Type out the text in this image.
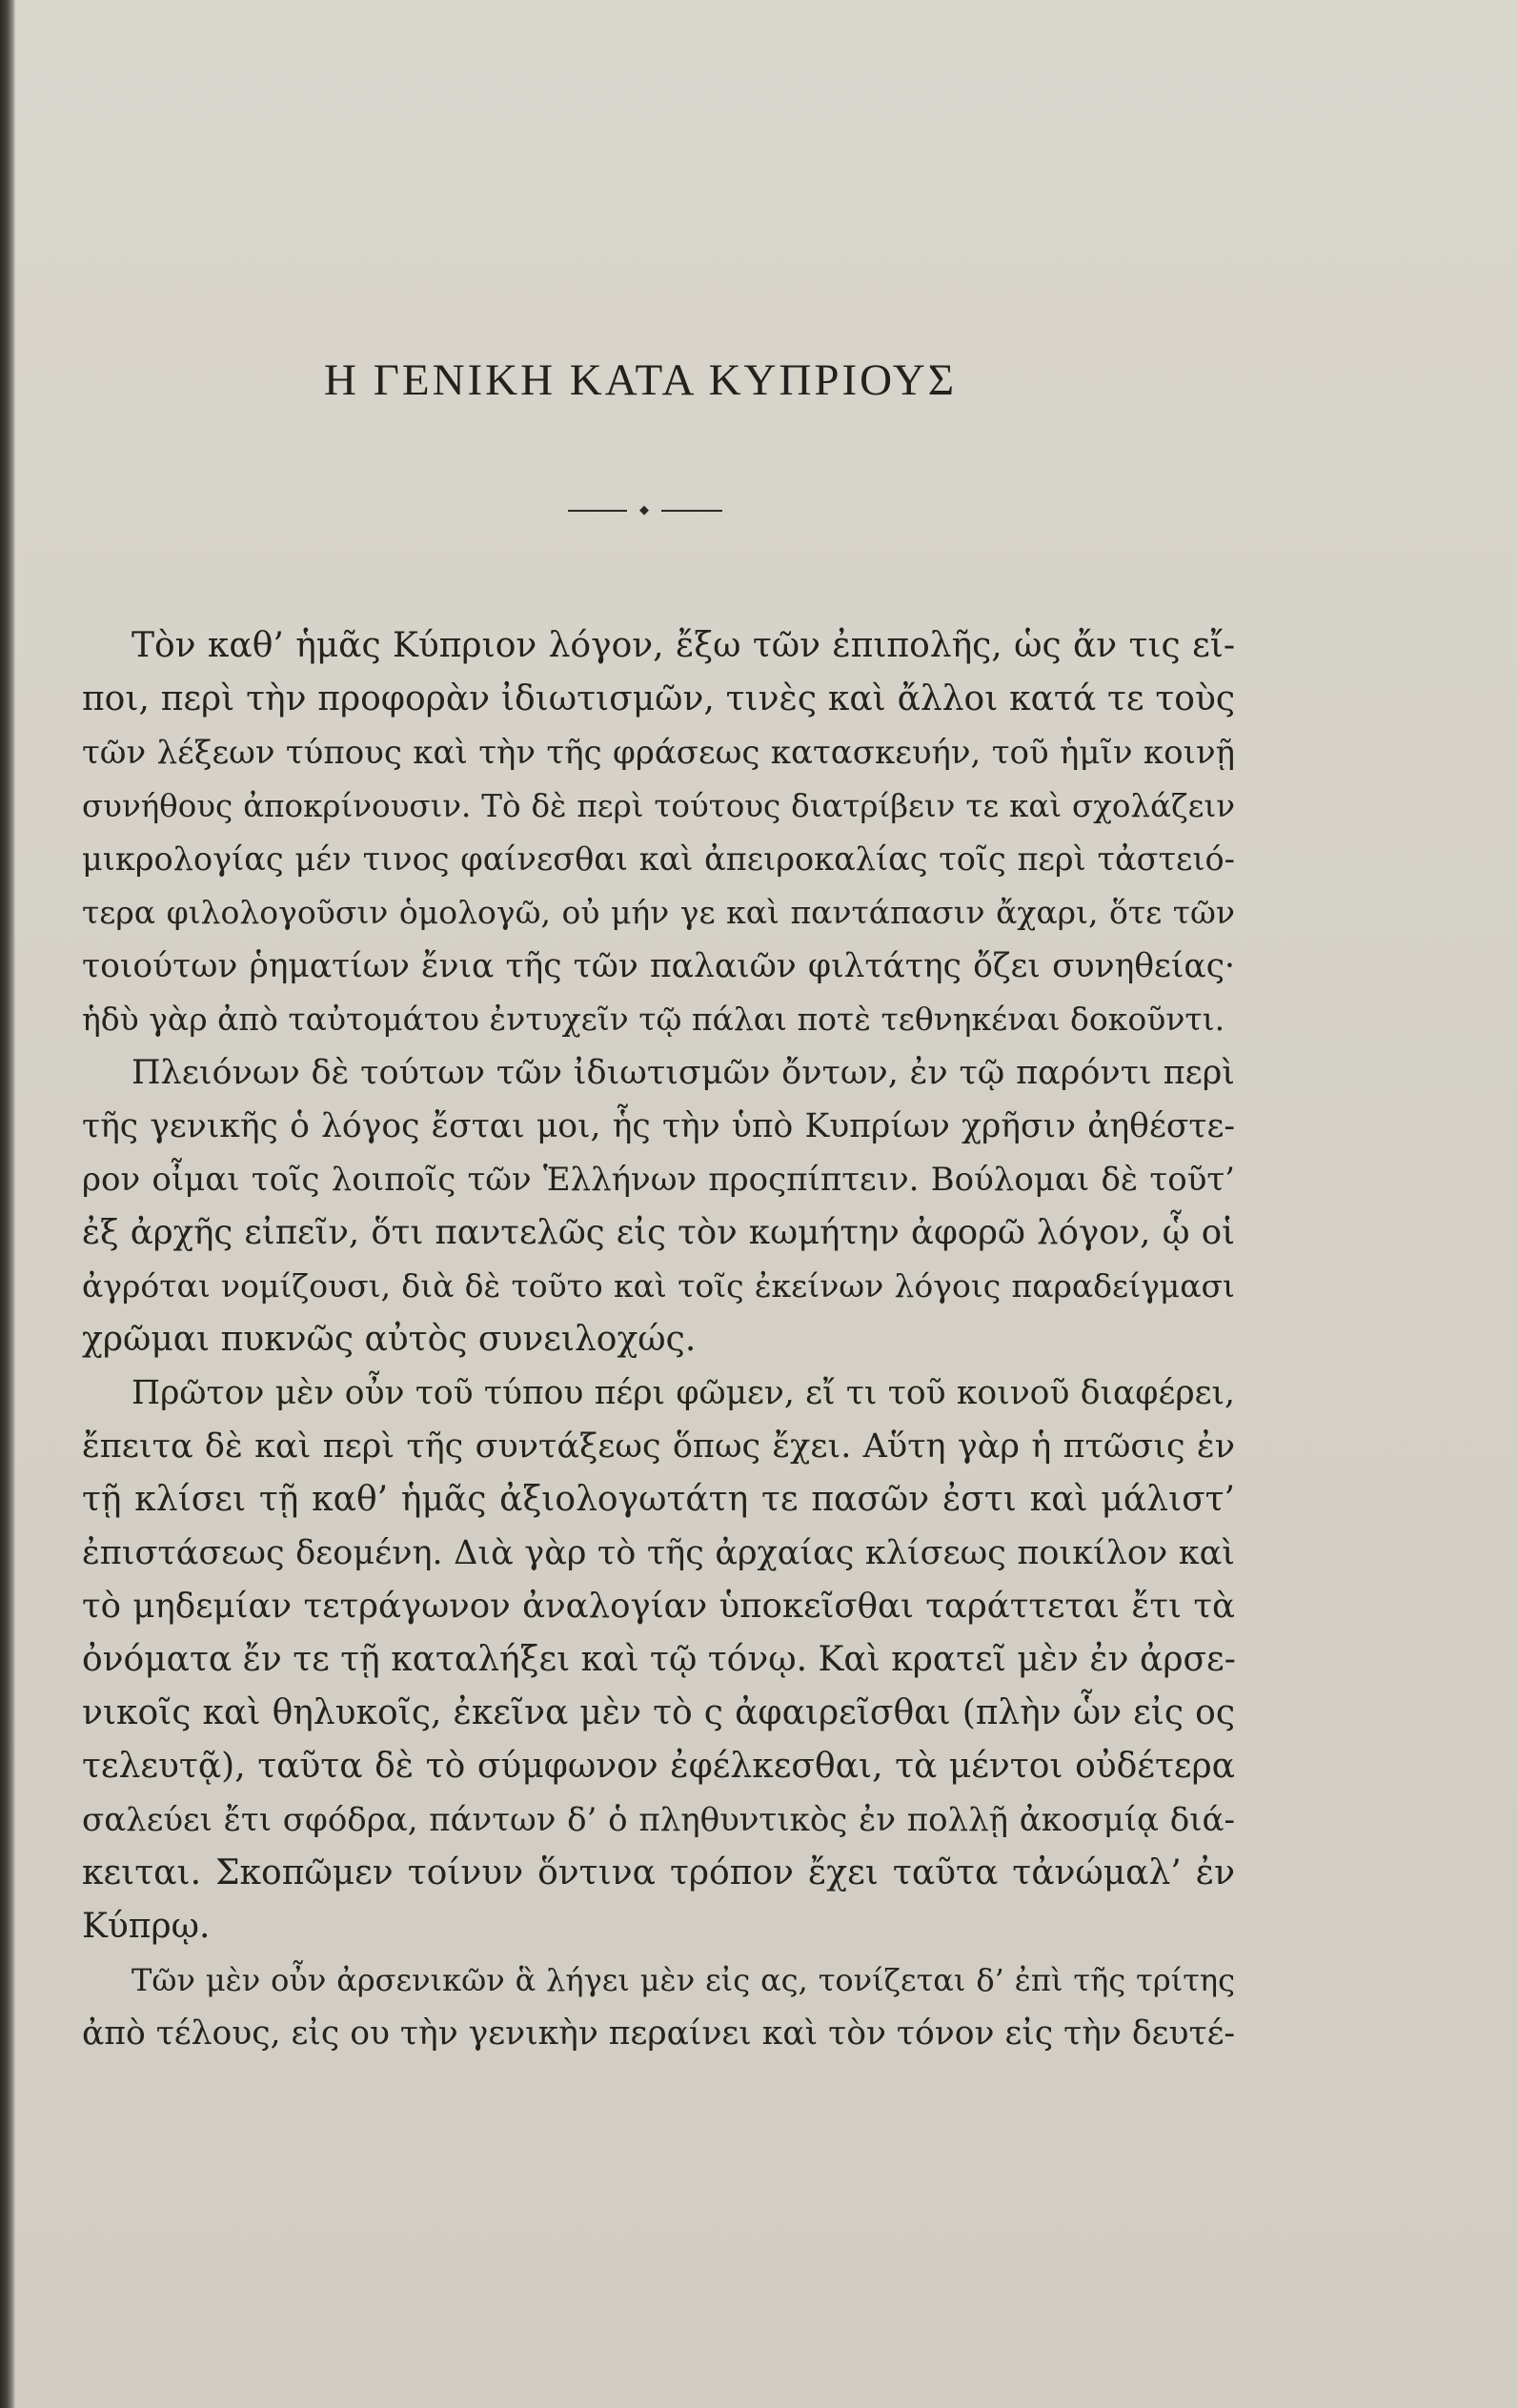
Η ΓΕΝΙΚΗ ΚΑΤΑ ΚΥΠΡΙΟΥΣ
◆
Τὸν καθ’ ἡμᾶς Κύπριον λόγον, ἔξω τῶν ἐπιπολῆς, ὡς ἄν τις εἴ-
ποι, περὶ τὴν προφορὰν ἰδιωτισμῶν, τινὲς καὶ ἄλλοι κατά τε τοὺς
τῶν λέξεων τύπους καὶ τὴν τῆς φράσεως κατασκευήν, τοῦ ἡμῖν κοινῇ
συνήθους ἀποκρίνουσιν. Τὸ δὲ περὶ τούτους διατρίβειν τε καὶ σχολάζειν
μικρολογίας μέν τινος φαίνεσθαι καὶ ἀπειροκαλίας τοῖς περὶ τἀστειό-
τερα φιλολογοῦσιν ὁμολογῶ, οὐ μήν γε καὶ παντάπασιν ἄχαρι, ὅτε τῶν
τοιούτων ῥηματίων ἔνια τῆς τῶν παλαιῶν φιλτάτης ὄζει συνηθείας·
ἡδὺ γὰρ ἀπὸ ταὐτομάτου ἐντυχεῖν τῷ πάλαι ποτὲ τεθνηκέναι δοκοῦντι.
Πλειόνων δὲ τούτων τῶν ἰδιωτισμῶν ὄντων, ἐν τῷ παρόντι περὶ
τῆς γενικῆς ὁ λόγος ἔσται μοι, ἧς τὴν ὑπὸ Κυπρίων χρῆσιν ἀηθέστε-
ρον οἶμαι τοῖς λοιποῖς τῶν Ἑλλήνων προςπίπτειν. Βούλομαι δὲ τοῦτ’
ἐξ ἀρχῆς εἰπεῖν, ὅτι παντελῶς εἰς τὸν κωμήτην ἀφορῶ λόγον, ᾧ οἱ
ἀγρόται νομίζουσι, διὰ δὲ τοῦτο καὶ τοῖς ἐκείνων λόγοις παραδείγμασι
χρῶμαι πυκνῶς αὐτὸς συνειλοχώς.
Πρῶτον μὲν οὖν τοῦ τύπου πέρι φῶμεν, εἴ τι τοῦ κοινοῦ διαφέρει,
ἔπειτα δὲ καὶ περὶ τῆς συντάξεως ὅπως ἔχει. Αὕτη γὰρ ἡ πτῶσις ἐν
τῇ κλίσει τῇ καθ’ ἡμᾶς ἀξιολογωτάτη τε πασῶν ἐστι καὶ μάλιστ’
ἐπιστάσεως δεομένη. Διὰ γὰρ τὸ τῆς ἀρχαίας κλίσεως ποικίλον καὶ
τὸ μηδεμίαν τετράγωνον ἀναλογίαν ὑποκεῖσθαι ταράττεται ἔτι τὰ
ὀνόματα ἔν τε τῇ καταλήξει καὶ τῷ τόνῳ. Καὶ κρατεῖ μὲν ἐν ἀρσε-
νικοῖς καὶ θηλυκοῖς, ἐκεῖνα μὲν τὸ ς ἀφαιρεῖσθαι (πλὴν ὧν εἰς ος
τελευτᾷ), ταῦτα δὲ τὸ σύμφωνον ἐφέλκεσθαι, τὰ μέντοι οὐδέτερα
σαλεύει ἔτι σφόδρα, πάντων δ’ ὁ πληθυντικὸς ἐν πολλῇ ἀκοσμίᾳ διά-
κειται. Σκοπῶμεν τοίνυν ὅντινα τρόπον ἔχει ταῦτα τἀνώμαλ’ ἐν
Κύπρῳ.
Τῶν μὲν οὖν ἀρσενικῶν ἃ λήγει μὲν εἰς ας, τονίζεται δ’ ἐπὶ τῆς τρίτης
ἀπὸ τέλους, εἰς ου τὴν γενικὴν περαίνει καὶ τὸν τόνον εἰς τὴν δευτέ-
